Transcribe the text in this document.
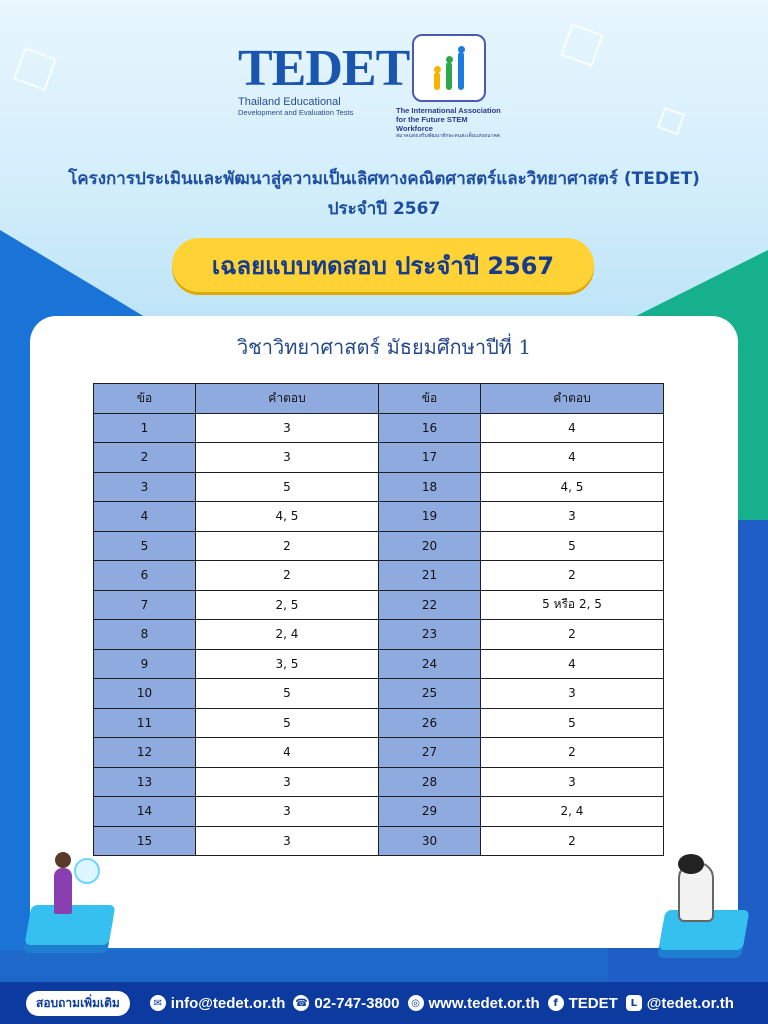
TEDET
Thailand Educational
Development and Evaluation Tests	The International Association
for the Future STEM Workforce
สมาคมส่งเสริมพัฒนาทักษะคนสะเต็มแห่งอนาคต
โครงการประเมินและพัฒนาสู่ความเป็นเลิศทางคณิตศาสตร์และวิทยาศาสตร์ (TEDET)
ประจำปี 2567
เฉลยแบบทดสอบ ประจำปี 2567
วิชาวิทยาศาสตร์ มัธยมศึกษาปีที่ 1
ข้อ	คำตอบ	ข้อ	คำตอบ
1	3	16	4
2	3	17	4
3	5	18	4, 5
4	4, 5	19	3
5	2	20	5
6	2	21	2
7	2, 5	22	5 หรือ 2, 5
8	2, 4	23	2
9	3, 5	24	4
10	5	25	3
11	5	26	5
12	4	27	2
13	3	28	3
14	3	29	2, 4
15	3	30	2
สอบถามเพิ่มเติม	✉ info@tedet.or.th ☎ 02-747-3800	◎ www.tedet.or.th	f TEDET	L @tedet.or.th
